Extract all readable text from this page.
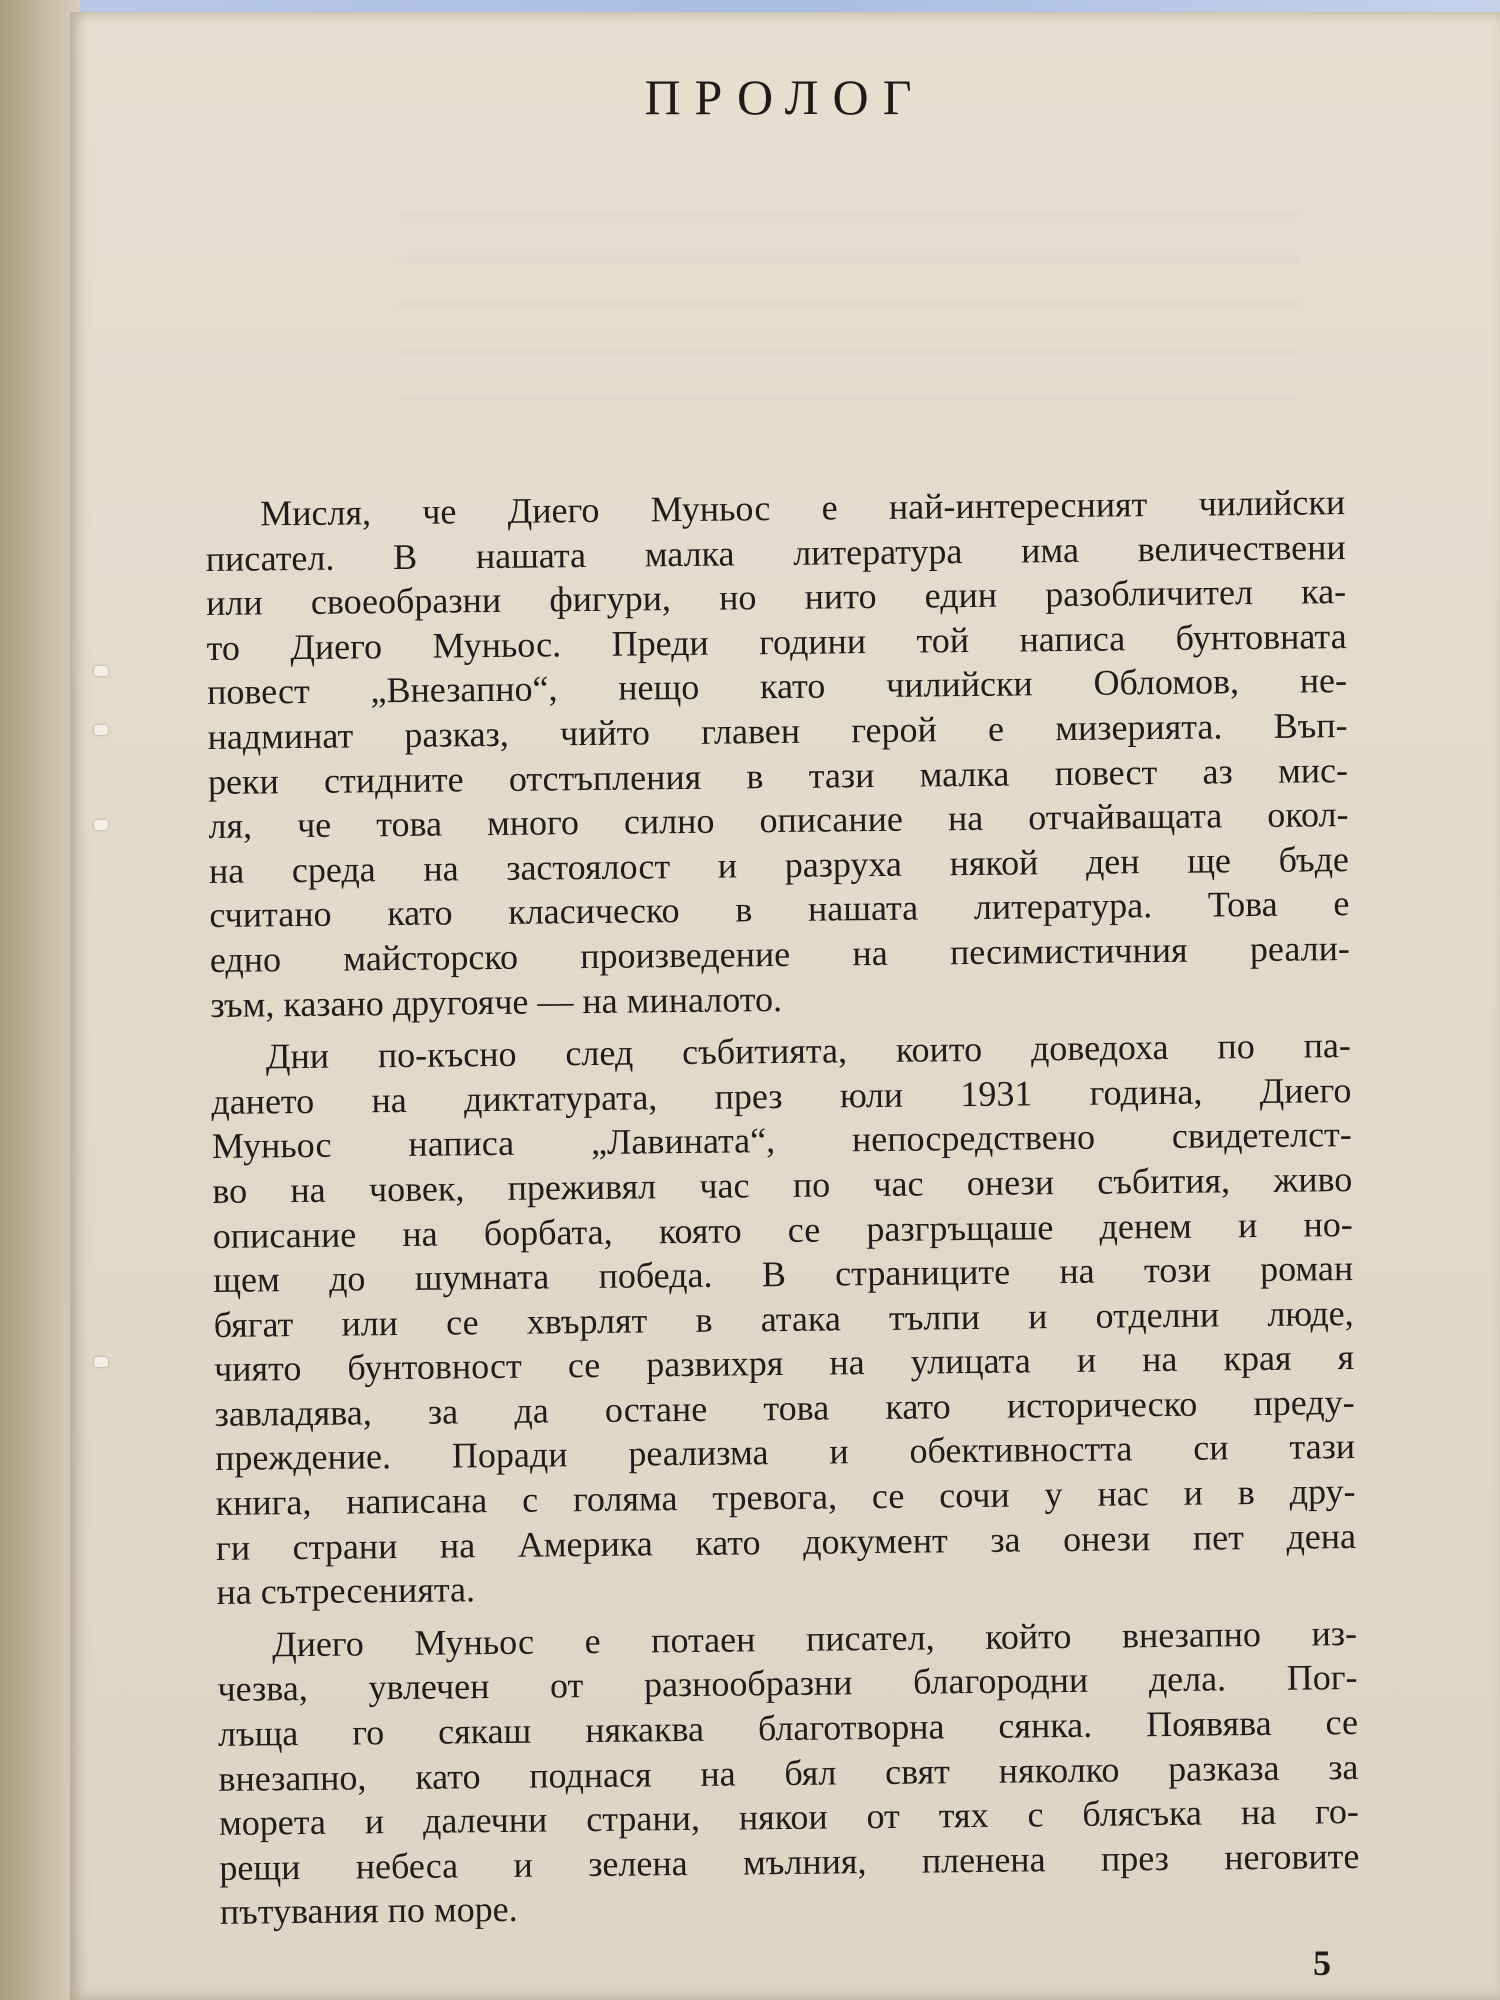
ПРОЛОГ
Мисля, че Диего Муньос е най-интересният чилийски
писател. В нашата малка литература има величествени
или своеобразни фигури, но нито един разобличител ка-
то Диего Муньос. Преди години той написа бунтовната
повест „Внезапно“, нещо като чилийски Обломов, не-
надминат разказ, чийто главен герой е мизерията. Въп-
реки стидните отстъпления в тази малка повест аз мис-
ля, че това много силно описание на отчайващата окол-
на среда на застоялост и разруха някой ден ще бъде
считано като класическо в нашата литература. Това е
едно майсторско произведение на песимистичния реали-
зъм, казано другояче — на миналото.
Дни по-късно след събитията, които доведоха по па-
дането на диктатурата, през юли 1931 година, Диего
Муньос написа „Лавината“, непосредствено свидетелст-
во на човек, преживял час по час онези събития, живо
описание на борбата, която се разгръщаше денем и но-
щем до шумната победа. В страниците на този роман
бягат или се хвърлят в атака тълпи и отделни люде,
чиято бунтовност се развихря на улицата и на края я
завладява, за да остане това като историческо преду-
преждение. Поради реализма и обективността си тази
книга, написана с голяма тревога, се сочи у нас и в дру-
ги страни на Америка като документ за онези пет дена
на сътресенията.
Диего Муньос е потаен писател, който внезапно из-
чезва, увлечен от разнообразни благородни дела. Пог-
лъща го сякаш някаква благотворна сянка. Появява се
внезапно, като поднася на бял свят няколко разказа за
морета и далечни страни, някои от тях с блясъка на го-
рещи небеса и зелена мълния, пленена през неговите
пътувания по море.
5
